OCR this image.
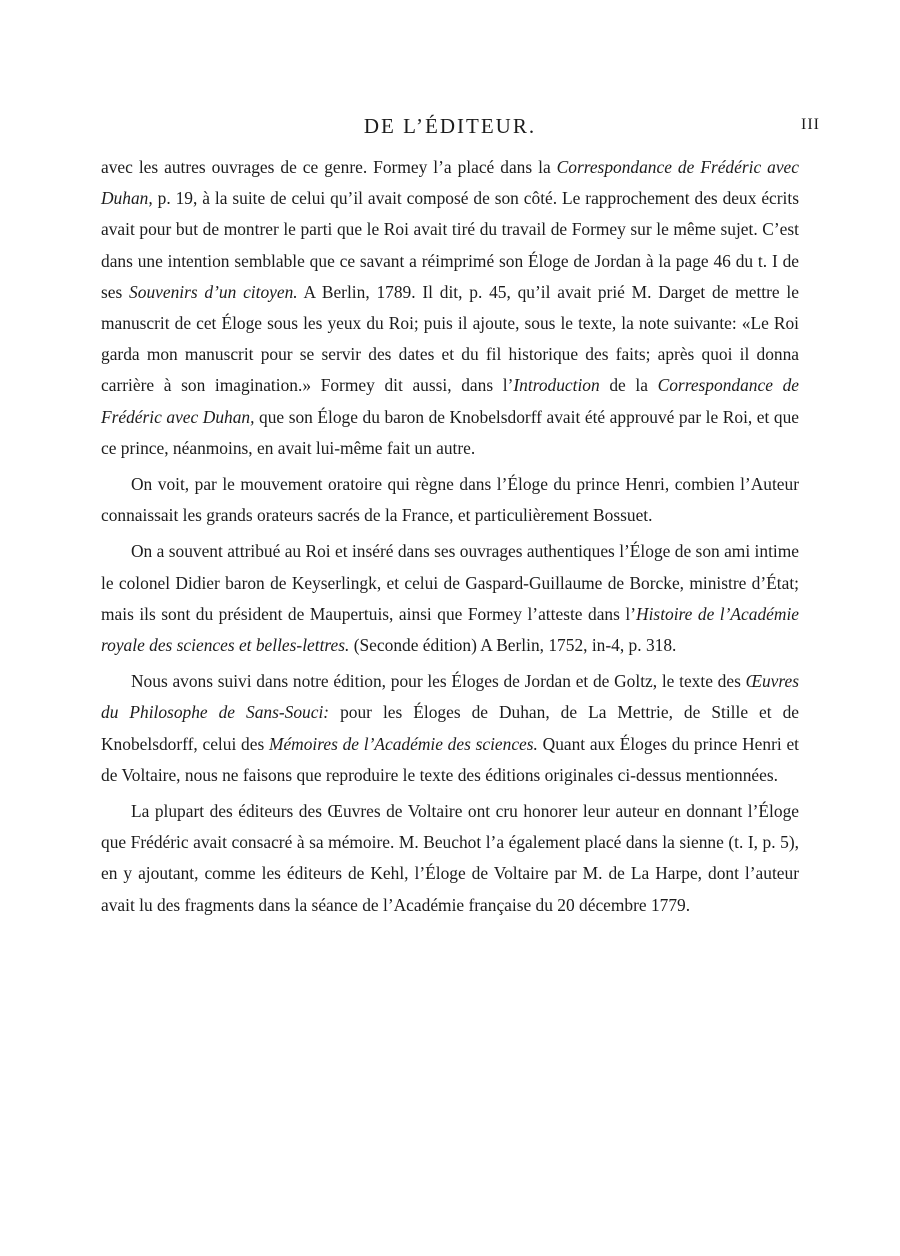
DE L’ÉDITEUR.	III

avec les autres ouvrages de ce genre. Formey l’a placé dans la Correspondance de Frédéric avec Duhan, p. 19, à la suite de celui qu’il avait composé de son côté. Le rapprochement des deux écrits avait pour but de montrer le parti que le Roi avait tiré du travail de Formey sur le même sujet. C’est dans une intention semblable que ce savant a réimprimé son Éloge de Jordan à la page 46 du t. I de ses Souvenirs d’un citoyen. A Berlin, 1789. Il dit, p. 45, qu’il avait prié M. Darget de mettre le manuscrit de cet Éloge sous les yeux du Roi; puis il ajoute, sous le texte, la note suivante: «Le Roi garda mon manuscrit pour se servir des dates et du fil historique des faits; après quoi il donna carrière à son imagination.» Formey dit aussi, dans l’Introduction de la Correspondance de Frédéric avec Duhan, que son Éloge du baron de Knobelsdorff avait été approuvé par le Roi, et que ce prince, néanmoins, en avait lui-même fait un autre.

On voit, par le mouvement oratoire qui règne dans l’Éloge du prince Henri, combien l’Auteur connaissait les grands orateurs sacrés de la France, et particulièrement Bossuet.

On a souvent attribué au Roi et inséré dans ses ouvrages authentiques l’Éloge de son ami intime le colonel Didier baron de Keyserlingk, et celui de Gaspard-Guillaume de Borcke, ministre d’État; mais ils sont du président de Maupertuis, ainsi que Formey l’atteste dans l’Histoire de l’Académie royale des sciences et belles-lettres. (Seconde édition) A Berlin, 1752, in-4, p. 318.

Nous avons suivi dans notre édition, pour les Éloges de Jordan et de Goltz, le texte des Œuvres du Philosophe de Sans-Souci: pour les Éloges de Duhan, de La Mettrie, de Stille et de Knobelsdorff, celui des Mémoires de l’Académie des sciences. Quant aux Éloges du prince Henri et de Voltaire, nous ne faisons que reproduire le texte des éditions originales ci-dessus mentionnées.

La plupart des éditeurs des Œuvres de Voltaire ont cru honorer leur auteur en donnant l’Éloge que Frédéric avait consacré à sa mémoire. M. Beuchot l’a également placé dans la sienne (t. I, p. 5), en y ajoutant, comme les éditeurs de Kehl, l’Éloge de Voltaire par M. de La Harpe, dont l’auteur avait lu des fragments dans la séance de l’Académie française du 20 décembre 1779.
